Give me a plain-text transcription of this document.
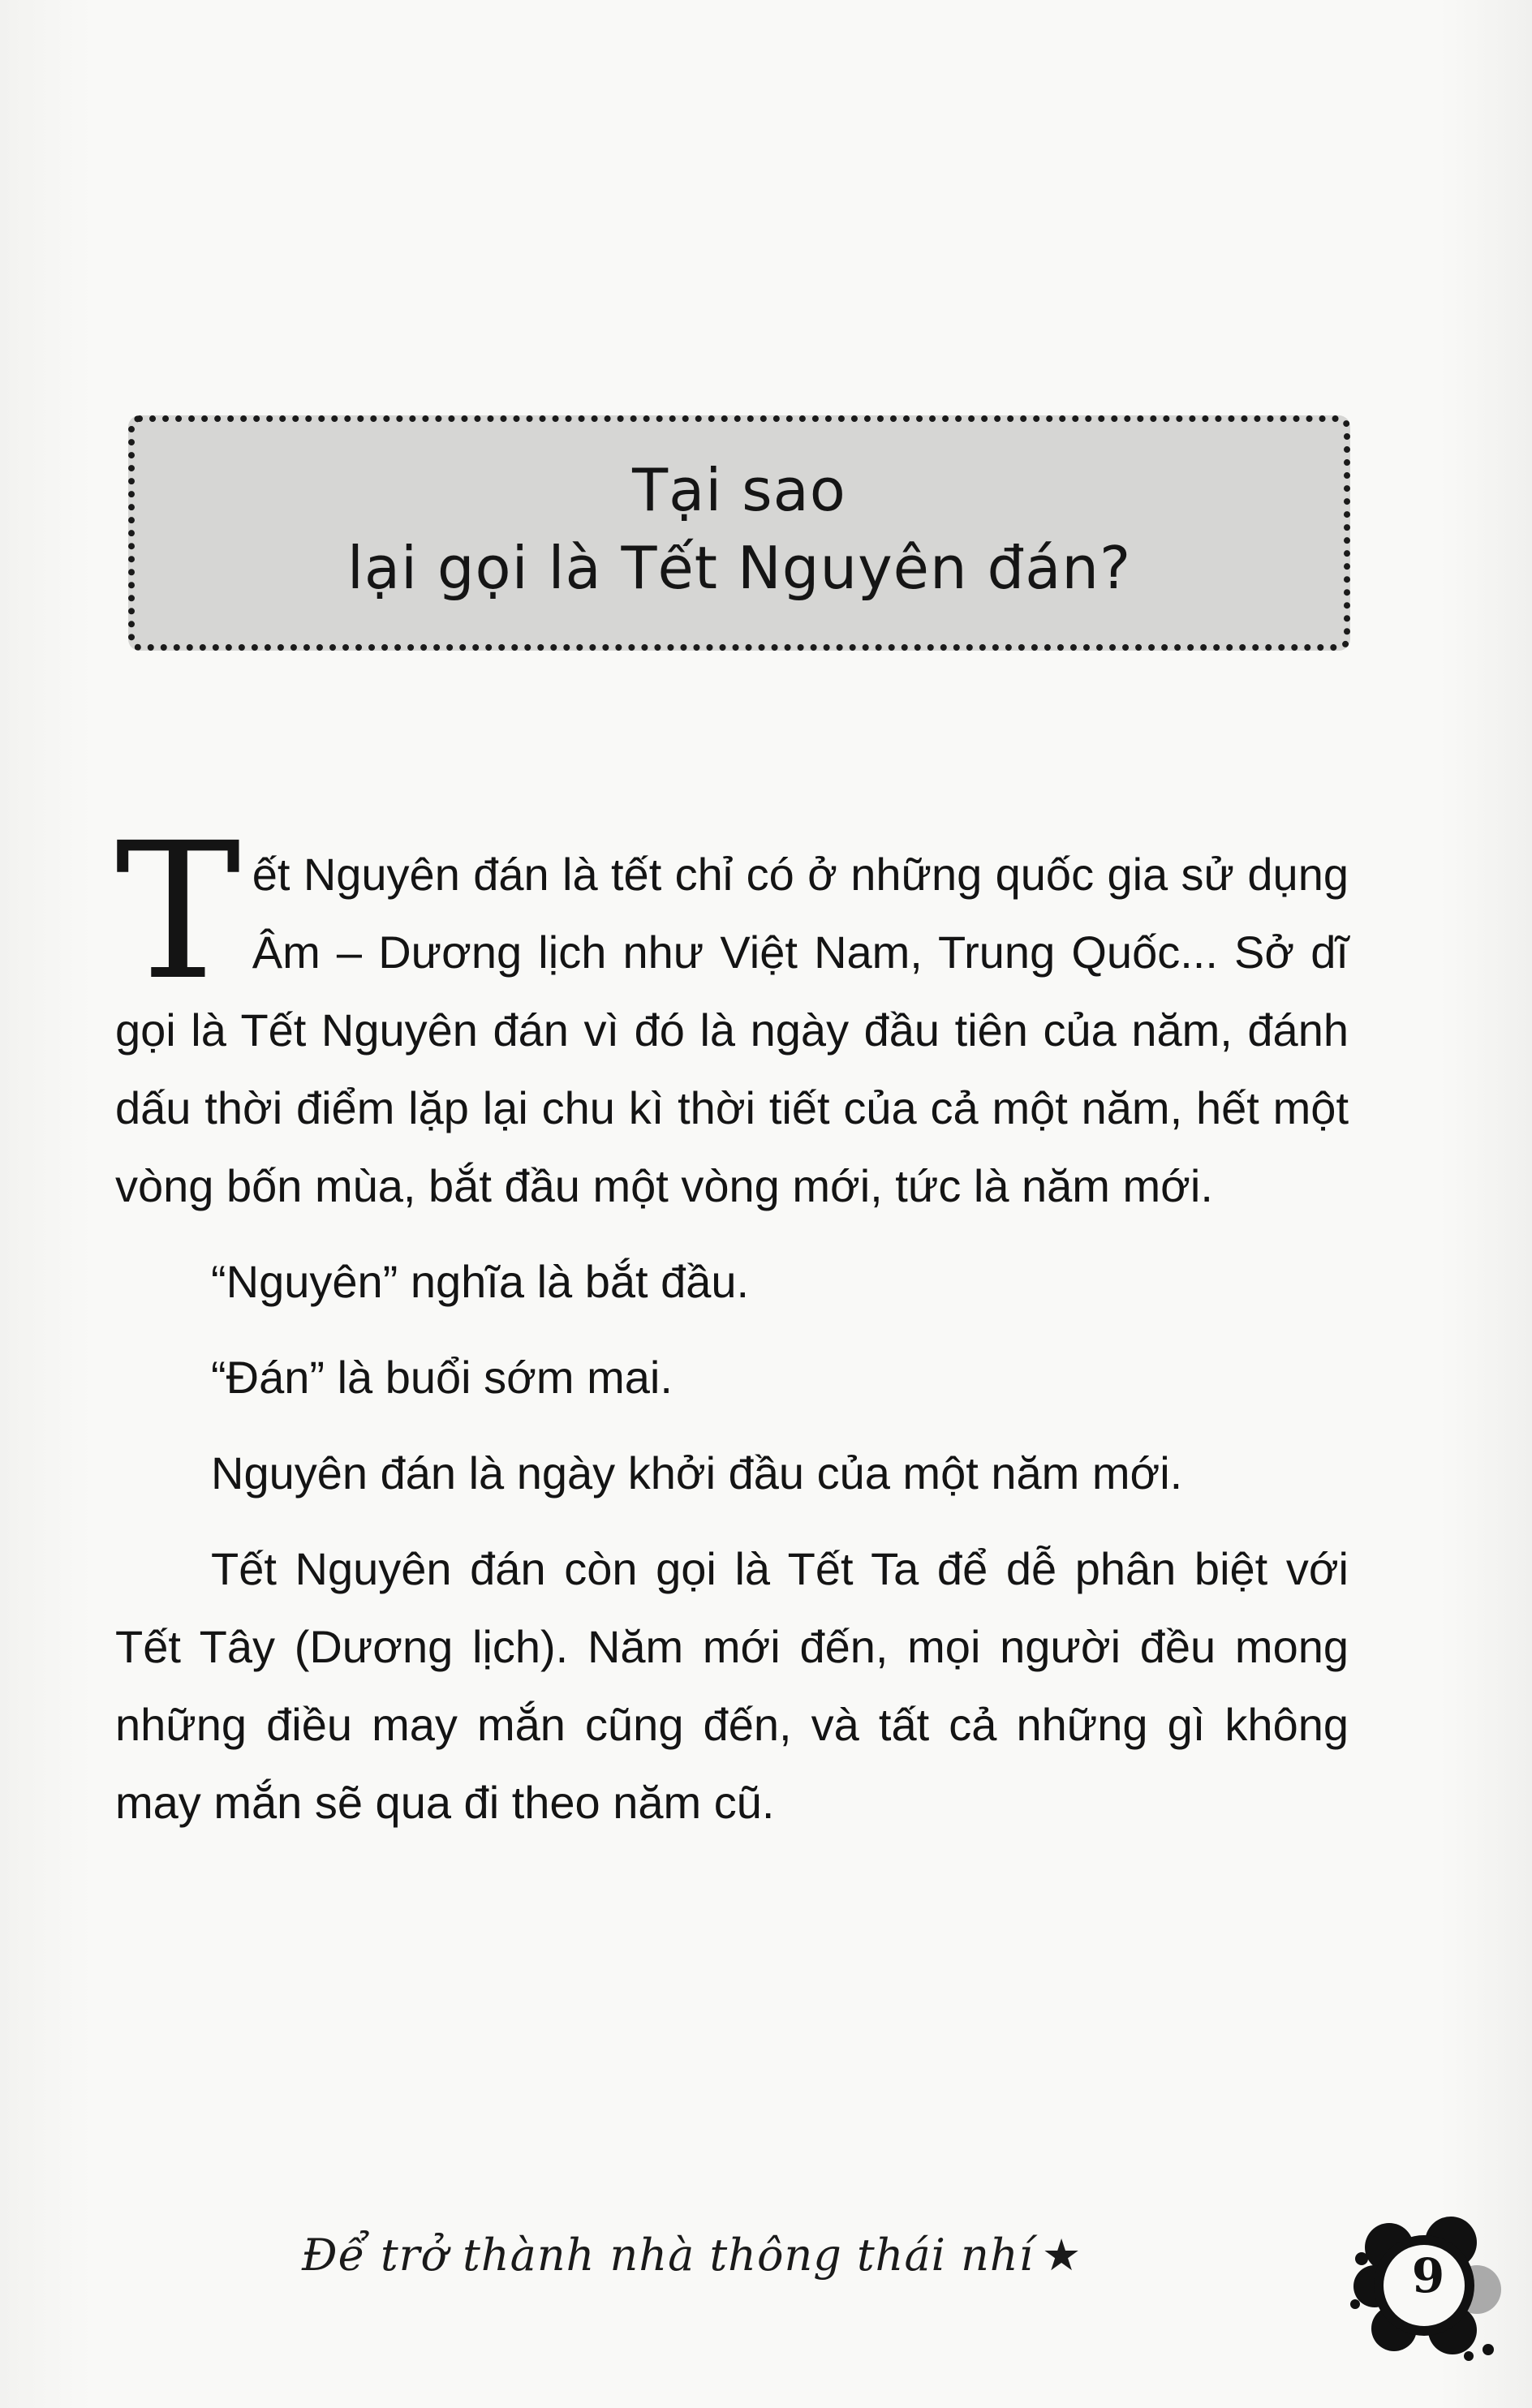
Tại sao
lại gọi là Tết Nguyên đán?

Tết Nguyên đán là tết chỉ có ở những quốc gia sử dụng Âm – Dương lịch như Việt Nam, Trung Quốc... Sở dĩ gọi là Tết Nguyên đán vì đó là ngày đầu tiên của năm, đánh dấu thời điểm lặp lại chu kì thời tiết của cả một năm, hết một vòng bốn mùa, bắt đầu một vòng mới, tức là năm mới.

“Nguyên” nghĩa là bắt đầu.

“Đán” là buổi sớm mai.

Nguyên đán là ngày khởi đầu của một năm mới.

Tết Nguyên đán còn gọi là Tết Ta để dễ phân biệt với Tết Tây (Dương lịch). Năm mới đến, mọi người đều mong những điều may mắn cũng đến, và tất cả những gì không may mắn sẽ qua đi theo năm cũ.

Để trở thành nhà thông thái nhí ★	9
